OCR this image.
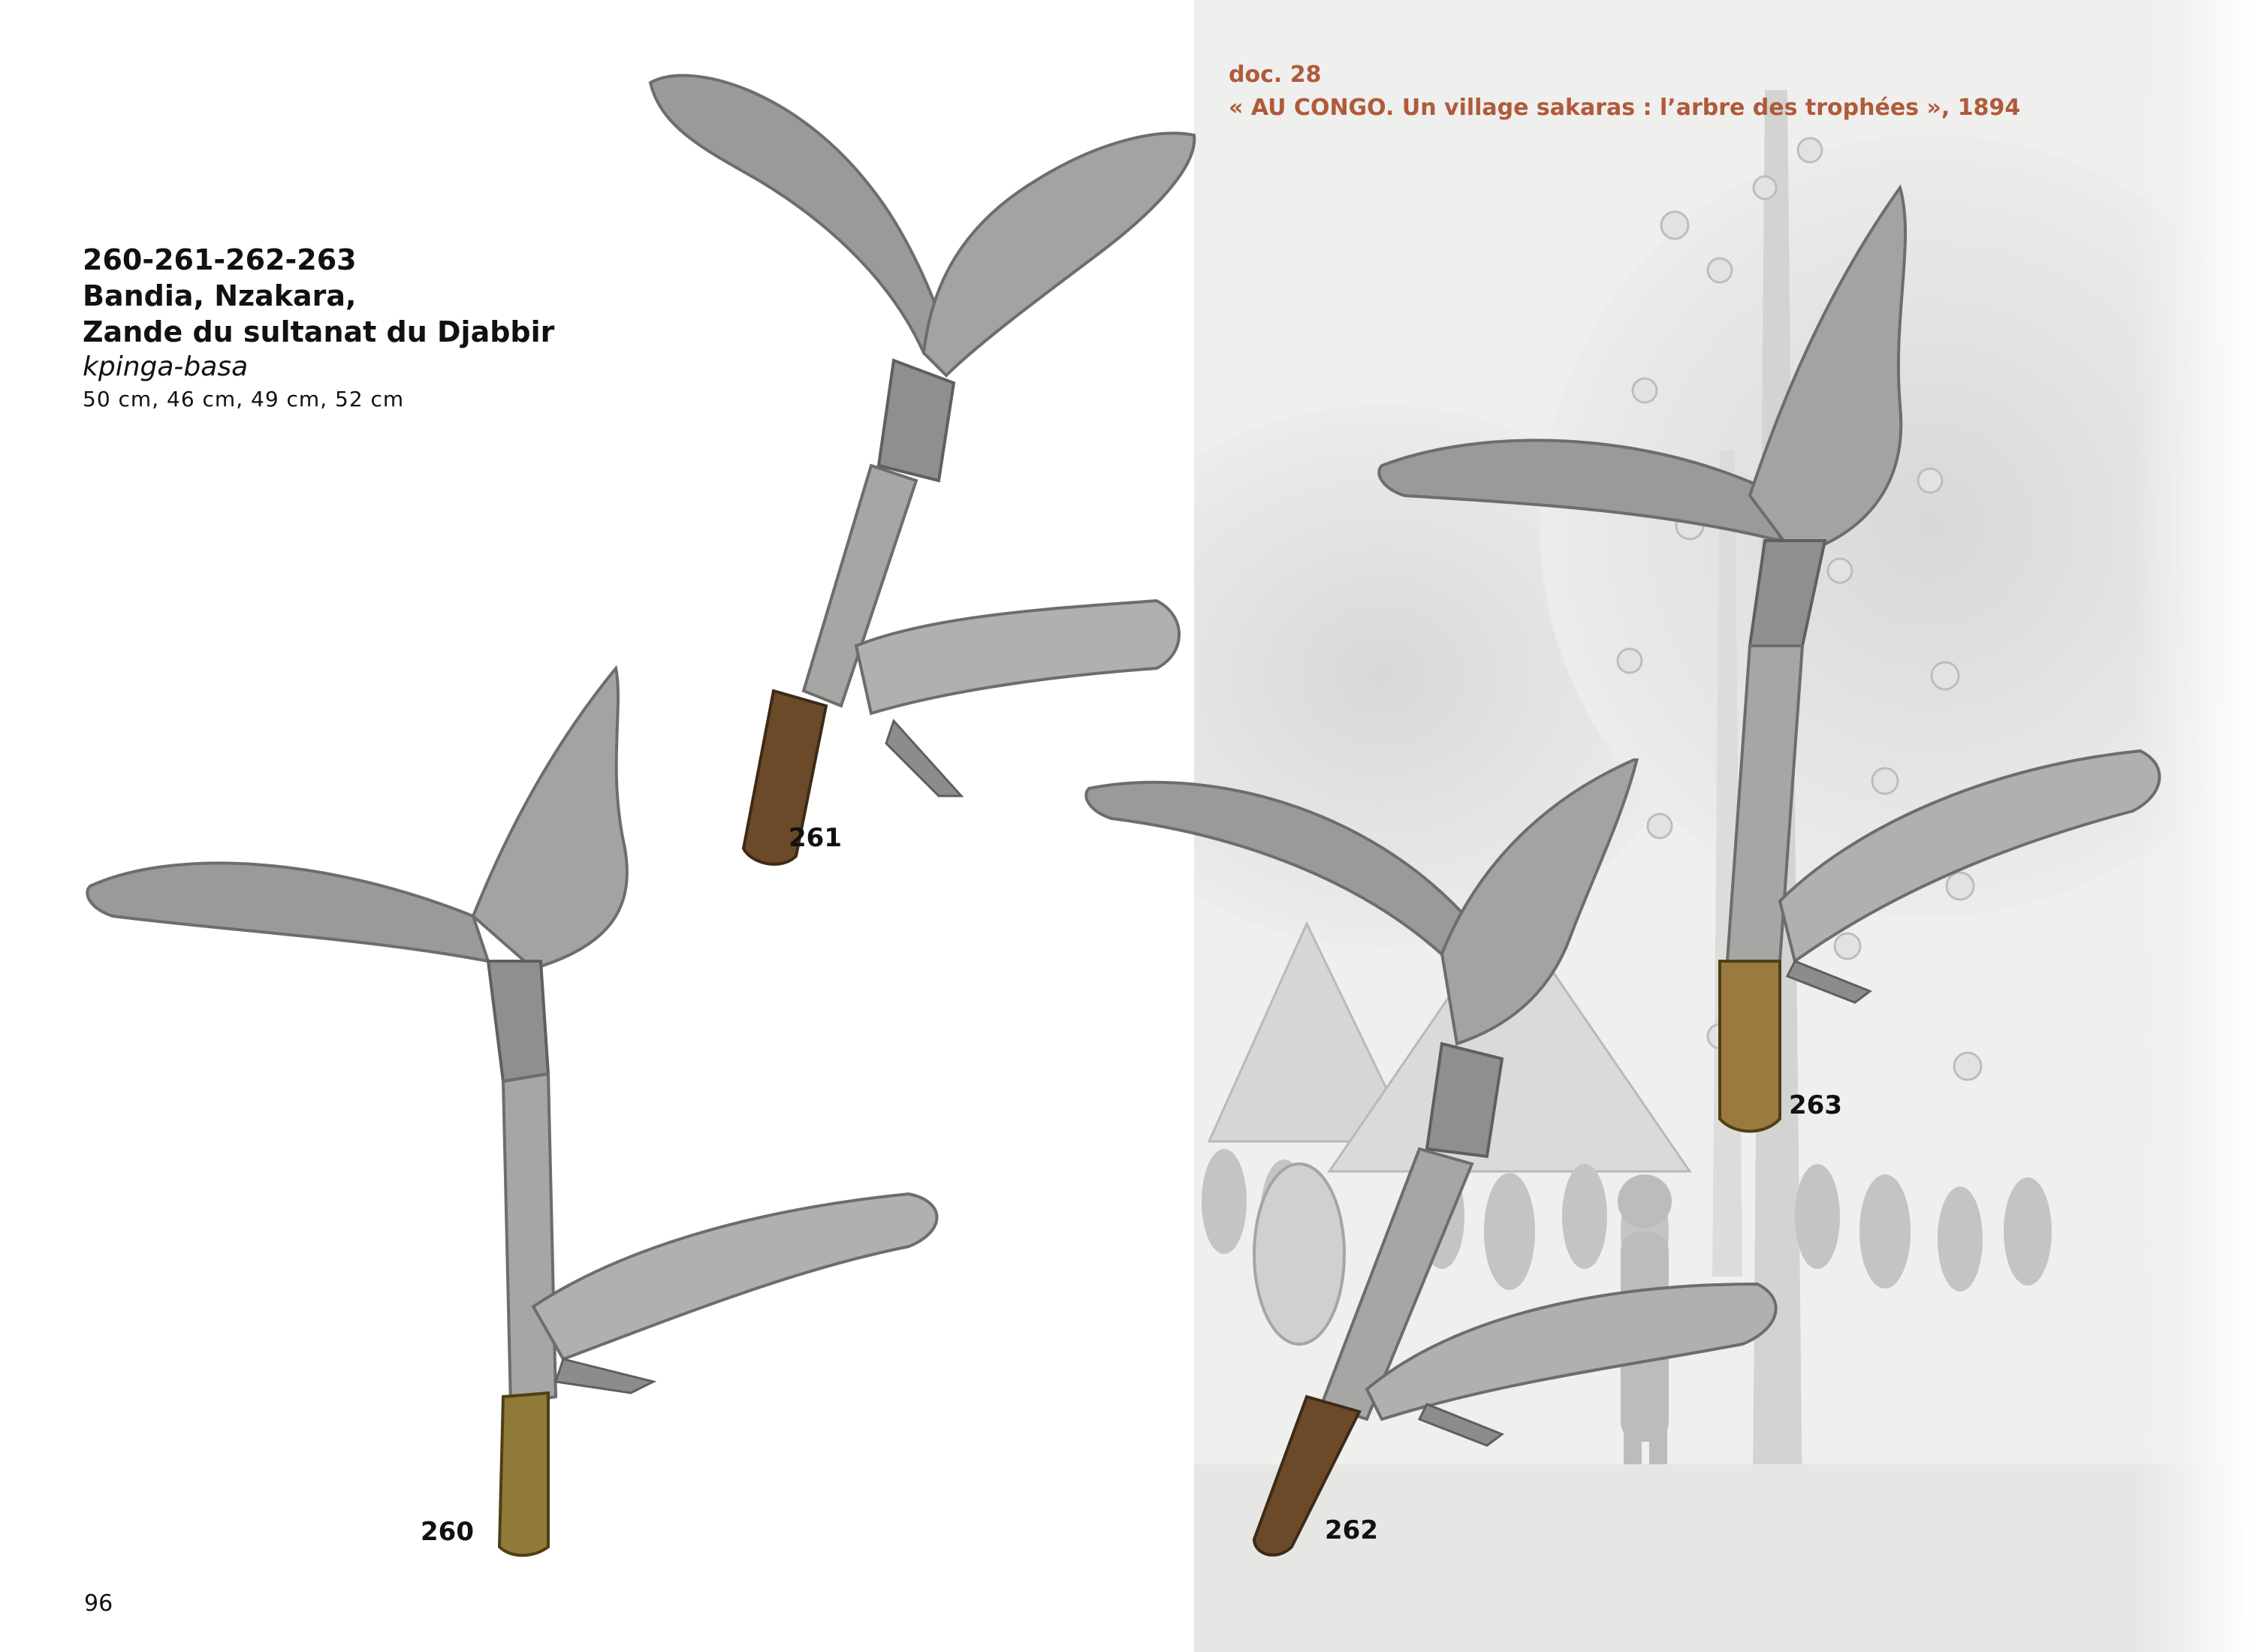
260-261-262-263
Bandia, Nzakara,
Zande du sultanat du Djabbir
kpinga-basa
50 cm, 46 cm, 49 cm, 52 cm
doc. 28
« AU CONGO. Un village sakaras : l’arbre des trophées », 1894
261
260	262
263
96
